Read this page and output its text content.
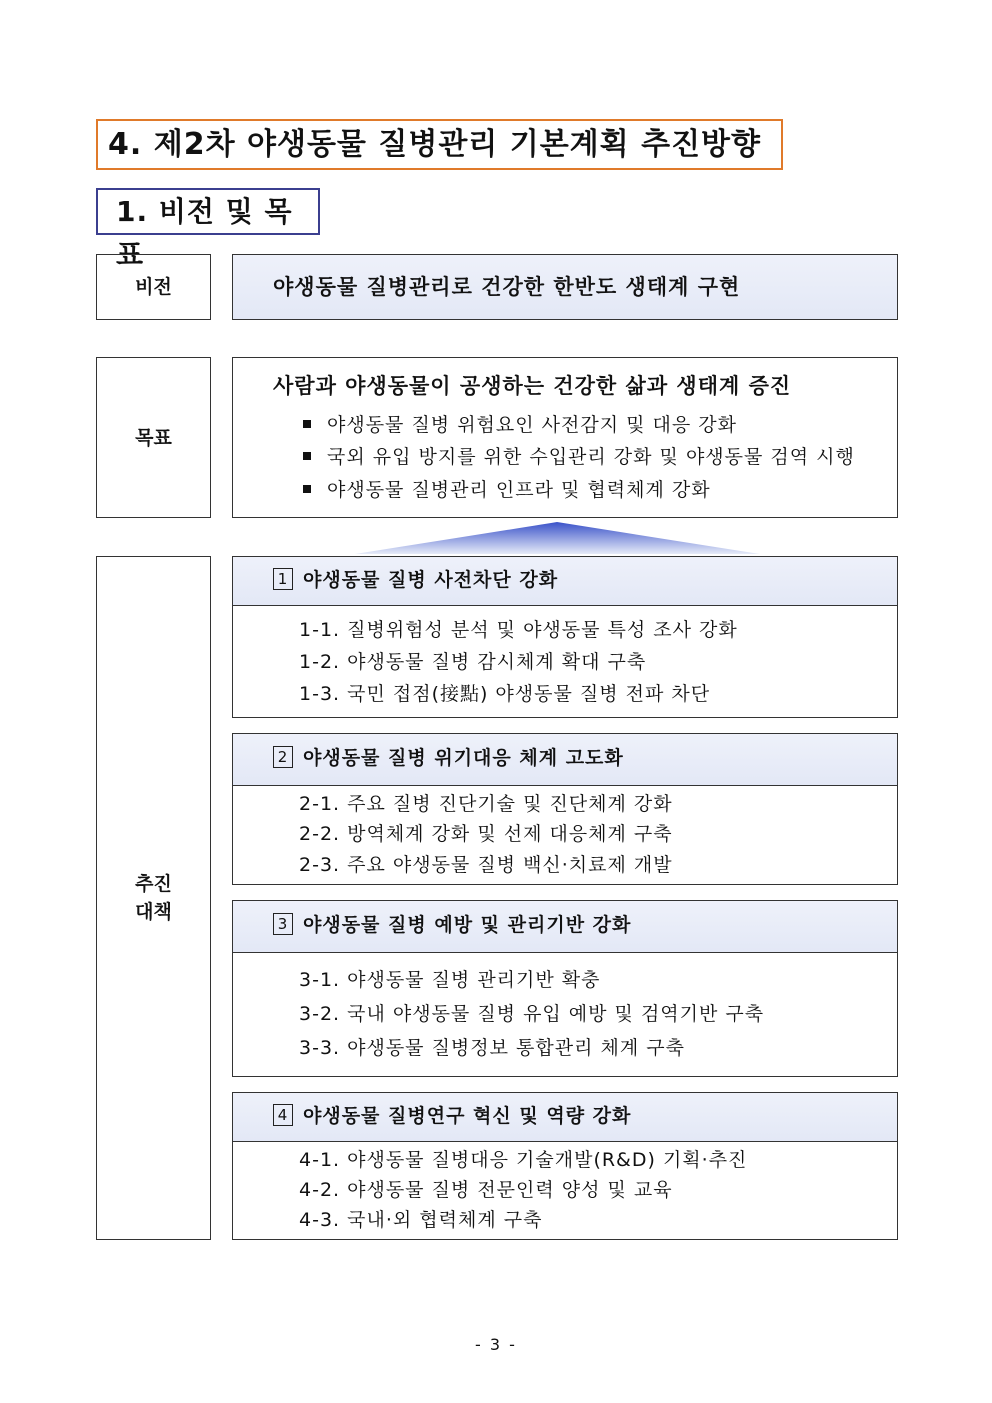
4. 제2차 야생동물 질병관리 기본계획 추진방향
1. 비전 및 목표
비전	야생동물 질병관리로 건강한 한반도 생태계 구현
목표
사람과 야생동물이 공생하는 건강한 삶과 생태계 증진
야생동물 질병 위험요인 사전감지 및 대응 강화
국외 유입 방지를 위한 수입관리 강화 및 야생동물 검역 시행
야생동물 질병관리 인프라 및 협력체계 강화
추진
대책
1 야생동물 질병 사전차단 강화
1-1. 질병위험성 분석 및 야생동물 특성 조사 강화
1-2. 야생동물 질병 감시체계 확대 구축
1-3. 국민 접점(接點) 야생동물 질병 전파 차단
2 야생동물 질병 위기대응 체계 고도화
2-1. 주요 질병 진단기술 및 진단체계 강화
2-2. 방역체계 강화 및 선제 대응체계 구축
2-3. 주요 야생동물 질병 백신·치료제 개발
3 야생동물 질병 예방 및 관리기반 강화
3-1. 야생동물 질병 관리기반 확충
3-2. 국내 야생동물 질병 유입 예방 및 검역기반 구축
3-3. 야생동물 질병정보 통합관리 체계 구축
4 야생동물 질병연구 혁신 및 역량 강화
4-1. 야생동물 질병대응 기술개발(R&D) 기획·추진
4-2. 야생동물 질병 전문인력 양성 및 교육
4-3. 국내·외 협력체계 구축
- 3 -
